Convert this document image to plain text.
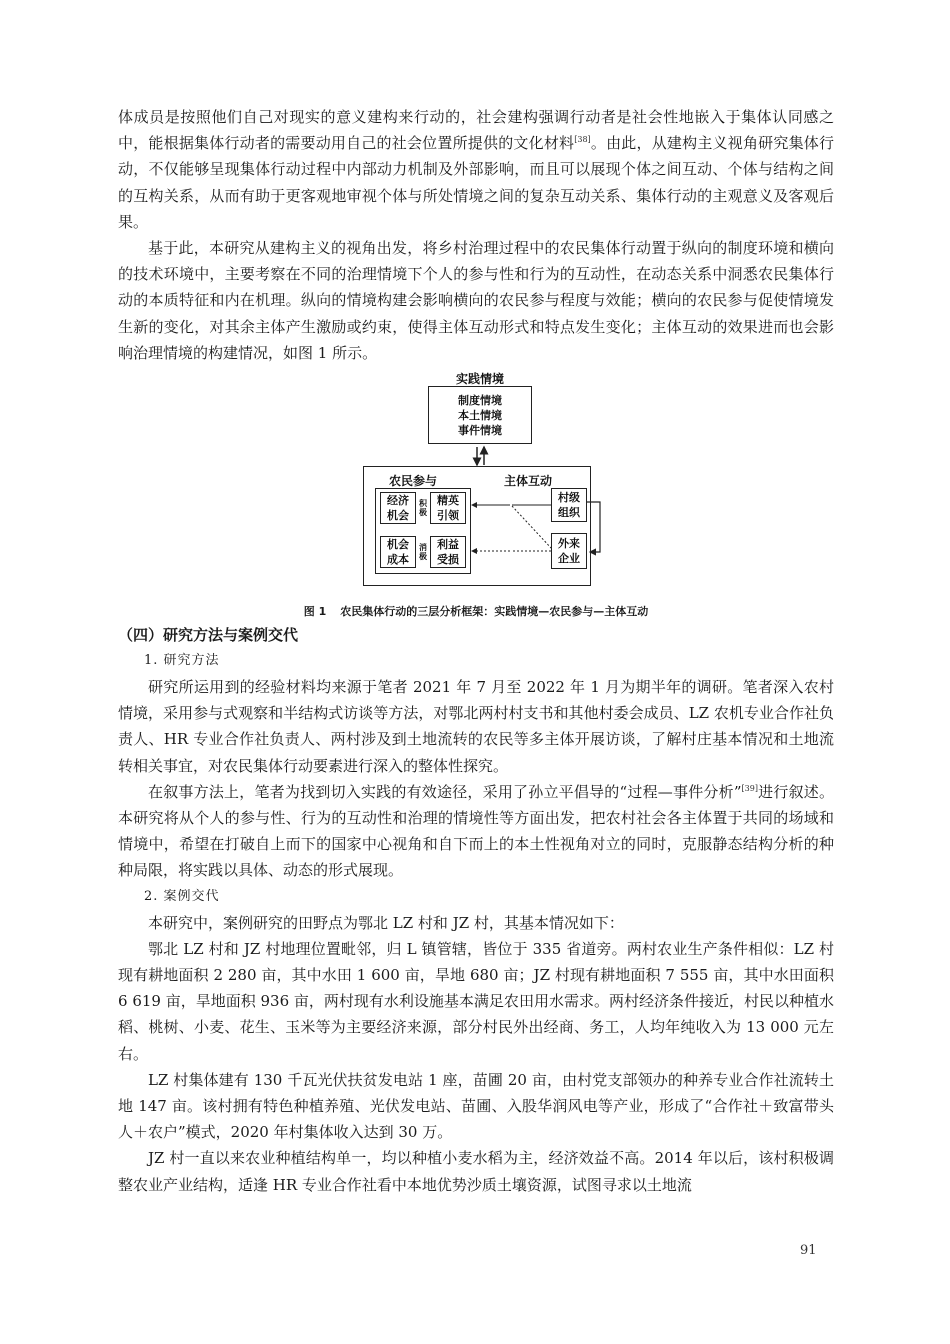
体成员是按照他们自己对现实的意义建构来行动的，社会建构强调行动者是社会性地嵌入于集体认同感之中，能根据集体行动者的需要动用自己的社会位置所提供的文化材料[38]。由此，从建构主义视角研究集体行动，不仅能够呈现集体行动过程中内部动力机制及外部影响，而且可以展现个体之间互动、个体与结构之间的互构关系，从而有助于更客观地审视个体与所处情境之间的复杂互动关系、集体行动的主观意义及客观后果。

基于此，本研究从建构主义的视角出发，将乡村治理过程中的农民集体行动置于纵向的制度环境和横向的技术环境中，主要考察在不同的治理情境下个人的参与性和行为的互动性，在动态关系中洞悉农民集体行动的本质特征和内在机理。纵向的情境构建会影响横向的农民参与程度与效能；横向的农民参与促使情境发生新的变化，对其余主体产生激励或约束，使得主体互动形式和特点发生变化；主体互动的效果进而也会影响治理情境的构建情况，如图 1 所示。

实践情境
制度情境
本土情境
事件情境
农民参与	主体互动
经济
机会
积
极
精英
引领
机会
成本
消
极
利益
受损
村级
组织
外来
企业
图 1 农民集体行动的三层分析框架：实践情境—农民参与—主体互动
（四）研究方法与案例交代
1. 研究方法

研究所运用到的经验材料均来源于笔者 2021 年 7 月至 2022 年 1 月为期半年的调研。笔者深入农村情境，采用参与式观察和半结构式访谈等方法，对鄂北两村村支书和其他村委会成员、LZ 农机专业合作社负责人、HR 专业合作社负责人、两村涉及到土地流转的农民等多主体开展访谈，了解村庄基本情况和土地流转相关事宜，对农民集体行动要素进行深入的整体性探究。

在叙事方法上，笔者为找到切入实践的有效途径，采用了孙立平倡导的“过程—事件分析”[39]进行叙述。本研究将从个人的参与性、行为的互动性和治理的情境性等方面出发，把农村社会各主体置于共同的场域和情境中，希望在打破自上而下的国家中心视角和自下而上的本土性视角对立的同时，克服静态结构分析的种种局限，将实践以具体、动态的形式展现。

2. 案例交代

本研究中，案例研究的田野点为鄂北 LZ 村和 JZ 村，其基本情况如下：

鄂北 LZ 村和 JZ 村地理位置毗邻，归 L 镇管辖，皆位于 335 省道旁。两村农业生产条件相似：LZ 村现有耕地面积 2 280 亩，其中水田 1 600 亩，旱地 680 亩；JZ 村现有耕地面积 7 555 亩，其中水田面积 6 619 亩，旱地面积 936 亩，两村现有水利设施基本满足农田用水需求。两村经济条件接近，村民以种植水稻、桃树、小麦、花生、玉米等为主要经济来源，部分村民外出经商、务工，人均年纯收入为 13 000 元左右。

LZ 村集体建有 130 千瓦光伏扶贫发电站 1 座，苗圃 20 亩，由村党支部领办的种养专业合作社流转土地 147 亩。该村拥有特色种植养殖、光伏发电站、苗圃、入股华润风电等产业，形成了“合作社＋致富带头人＋农户”模式，2020 年村集体收入达到 30 万。

JZ 村一直以来农业种植结构单一，均以种植小麦水稻为主，经济效益不高。2014 年以后，该村积极调整农业产业结构，适逢 HR 专业合作社看中本地优势沙质土壤资源，试图寻求以土地流

91
